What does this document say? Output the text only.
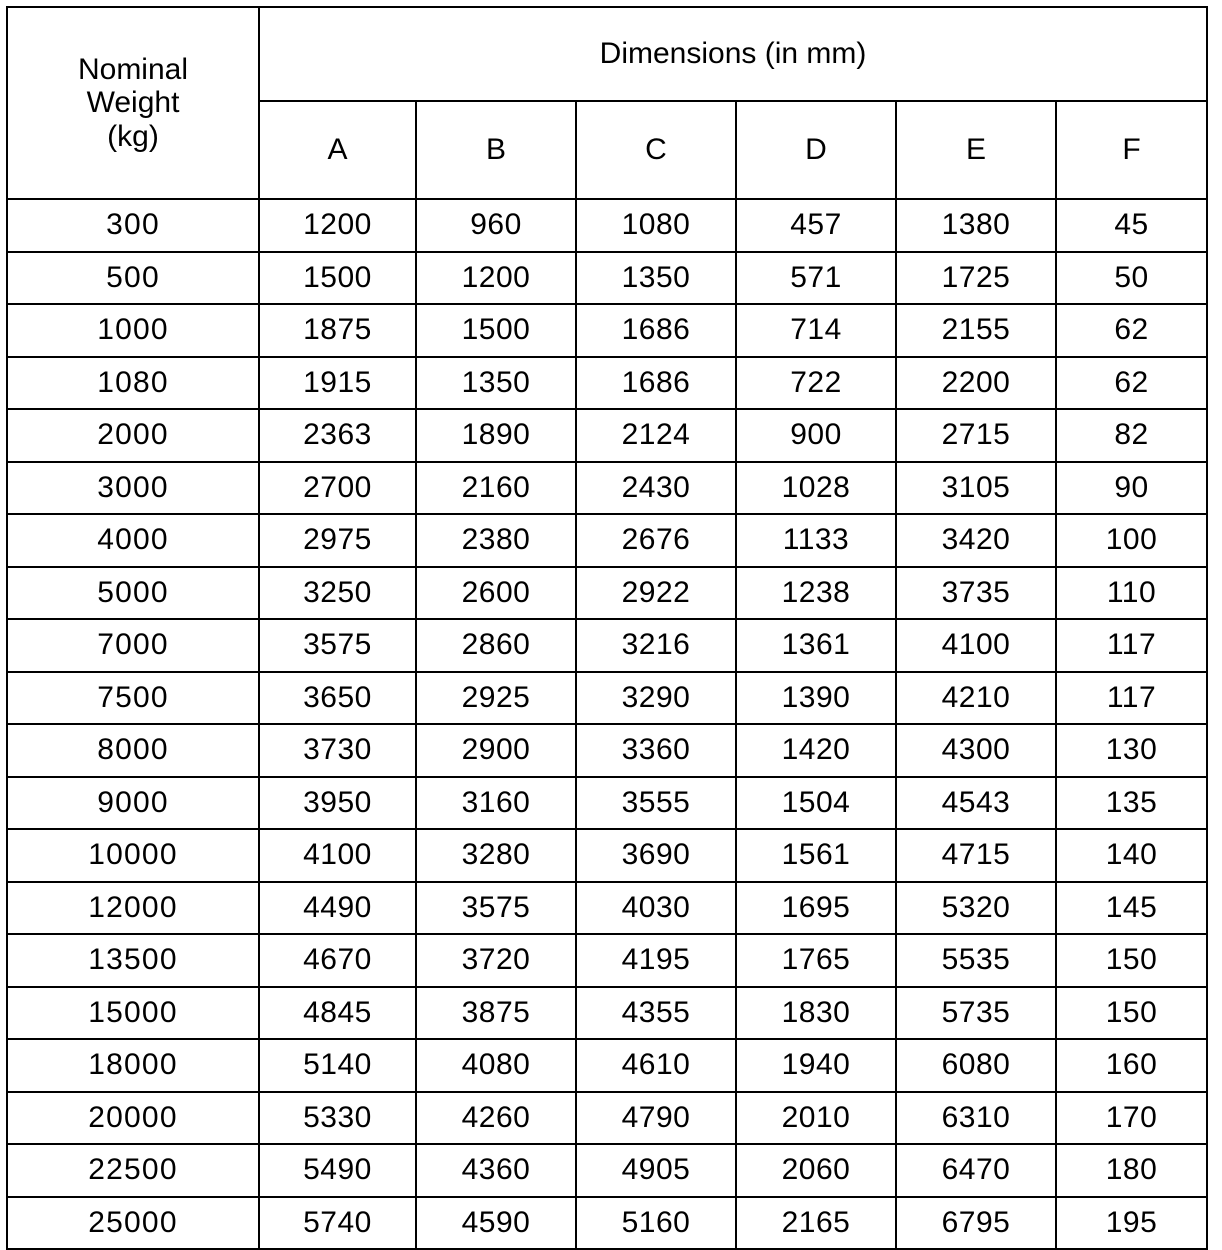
Nominal
Weight
(kg)	Dimensions (in mm)					
	A	B	C	D	E	F
300	1200	960	1080	457	1380	45
500	1500	1200	1350	571	1725	50
1000	1875	1500	1686	714	2155	62
1080	1915	1350	1686	722	2200	62
2000	2363	1890	2124	900	2715	82
3000	2700	2160	2430	1028	3105	90
4000	2975	2380	2676	1133	3420	100
5000	3250	2600	2922	1238	3735	110
7000	3575	2860	3216	1361	4100	117
7500	3650	2925	3290	1390	4210	117
8000	3730	2900	3360	1420	4300	130
9000	3950	3160	3555	1504	4543	135
10000	4100	3280	3690	1561	4715	140
12000	4490	3575	4030	1695	5320	145
13500	4670	3720	4195	1765	5535	150
15000	4845	3875	4355	1830	5735	150
18000	5140	4080	4610	1940	6080	160
20000	5330	4260	4790	2010	6310	170
22500	5490	4360	4905	2060	6470	180
25000	5740	4590	5160	2165	6795	195
